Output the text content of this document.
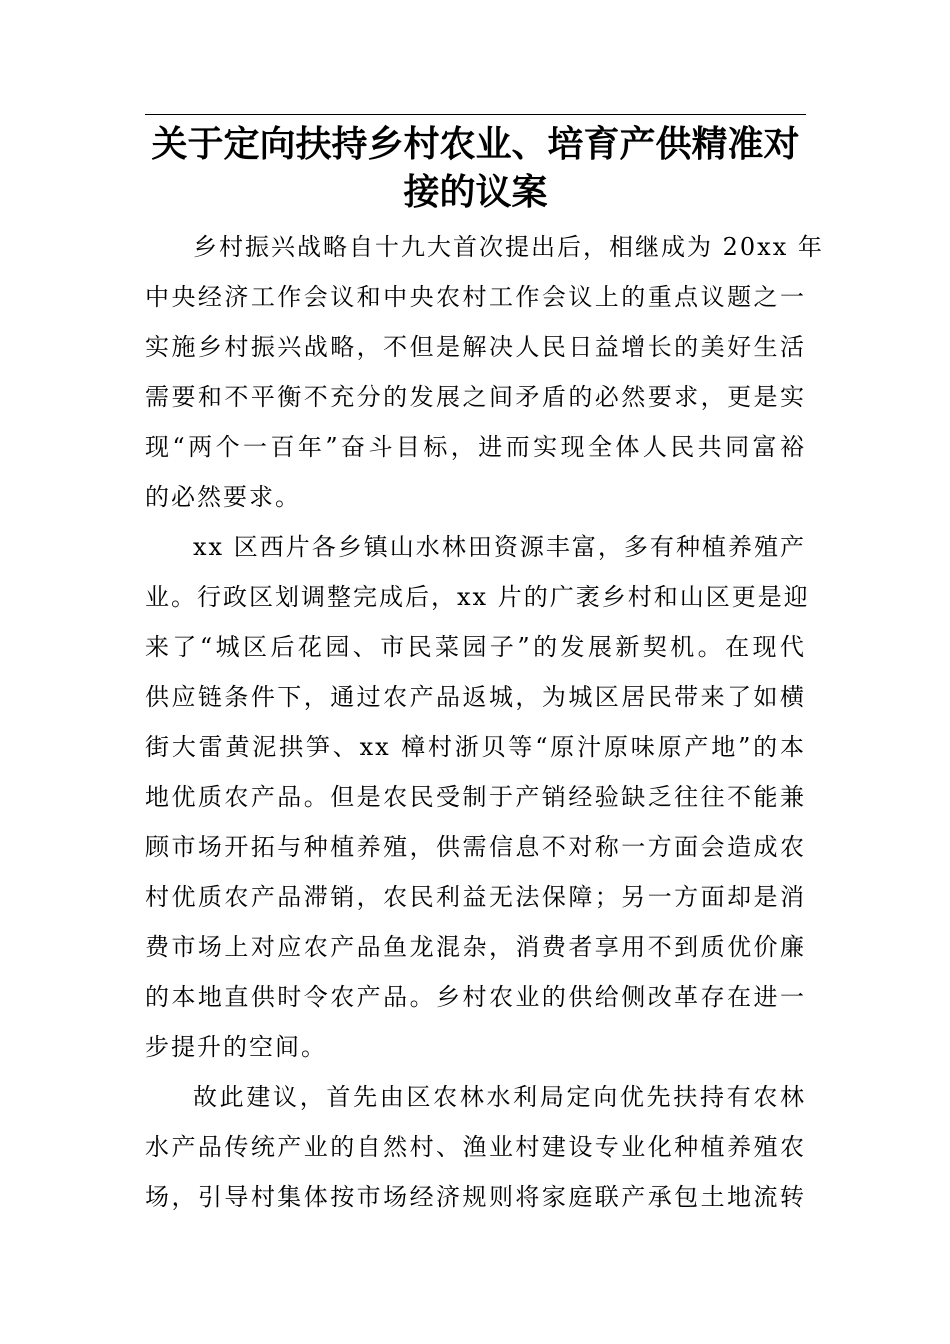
关于定向扶持乡村农业、培育产供精准对
接的议案
乡村振兴战略自十九大首次提出后，相继成为 20xx 年
中央经济工作会议和中央农村工作会议上的重点议题之一
实施乡村振兴战略，不但是解决人民日益增长的美好生活
需要和不平衡不充分的发展之间矛盾的必然要求，更是实
现“两个一百年”奋斗目标，进而实现全体人民共同富裕
的必然要求。
xx 区西片各乡镇山水林田资源丰富，多有种植养殖产
业。行政区划调整完成后，xx 片的广袤乡村和山区更是迎
来了“城区后花园、市民菜园子”的发展新契机。在现代
供应链条件下，通过农产品返城，为城区居民带来了如横
街大雷黄泥拱笋、xx 樟村浙贝等“原汁原味原产地”的本
地优质农产品。但是农民受制于产销经验缺乏往往不能兼
顾市场开拓与种植养殖，供需信息不对称一方面会造成农
村优质农产品滞销，农民利益无法保障；另一方面却是消
费市场上对应农产品鱼龙混杂，消费者享用不到质优价廉
的本地直供时令农产品。乡村农业的供给侧改革存在进一
步提升的空间。
故此建议，首先由区农林水利局定向优先扶持有农林
水产品传统产业的自然村、渔业村建设专业化种植养殖农
场，引导村集体按市场经济规则将家庭联产承包土地流转
